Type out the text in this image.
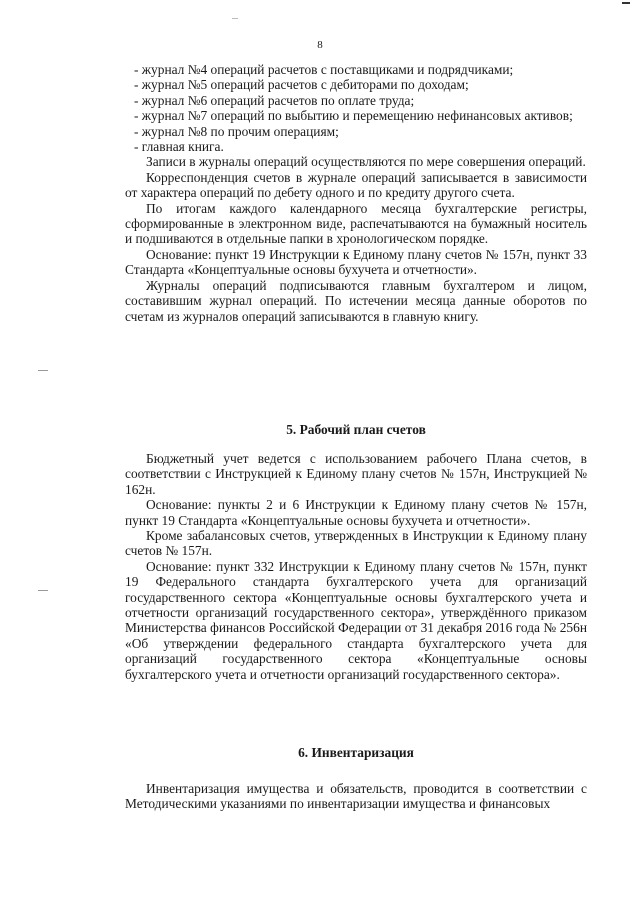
8

- журнал №4 операций расчетов с поставщиками и подрядчиками;

- журнал №5 операций расчетов с дебиторами по доходам;

- журнал №6 операций расчетов по оплате труда;

- журнал №7 операций по выбытию и перемещению нефинансовых активов;

- журнал №8 по прочим операциям;

- главная книга.

Записи в журналы операций осуществляются по мере совершения операций.

Корреспонденция счетов в журнале операций записывается в зависимости от характера операций по дебету одного и по кредиту другого счета.

По итогам каждого календарного месяца бухгалтерские регистры, сформированные в электронном виде, распечатываются на бумажный носитель и подшиваются в отдельные папки в хронологическом порядке.

Основание: пункт 19 Инструкции к Единому плану счетов № 157н, пункт 33 Стандарта «Концептуальные основы бухучета и отчетности».

Журналы операций подписываются главным бухгалтером и лицом, составившим журнал операций. По истечении месяца данные оборотов по счетам из журналов операций записываются в главную книгу.

5. Рабочий план счетов

Бюджетный учет ведется с использованием рабочего Плана счетов, в соответствии с Инструкцией к Единому плану счетов № 157н, Инструкцией № 162н.

Основание: пункты 2 и 6 Инструкции к Единому плану счетов № 157н, пункт 19 Стандарта «Концептуальные основы бухучета и отчетности».

Кроме забалансовых счетов, утвержденных в Инструкции к Единому плану счетов № 157н.

Основание: пункт 332 Инструкции к Единому плану счетов № 157н, пункт 19 Федерального стандарта бухгалтерского учета для организаций государственного сектора «Концептуальные основы бухгалтерского учета и отчетности организаций государственного сектора», утверждённого приказом Министерства финансов Российской Федерации от 31 декабря 2016 года № 256н «Об утверждении федерального стандарта бухгалтерского учета для организаций государственного сектора «Концептуальные основы бухгалтерского учета и отчетности организаций государственного сектора».

6. Инвентаризация

Инвентаризация имущества и обязательств, проводится в соответствии с Методическими указаниями по инвентаризации имущества и финансовых
